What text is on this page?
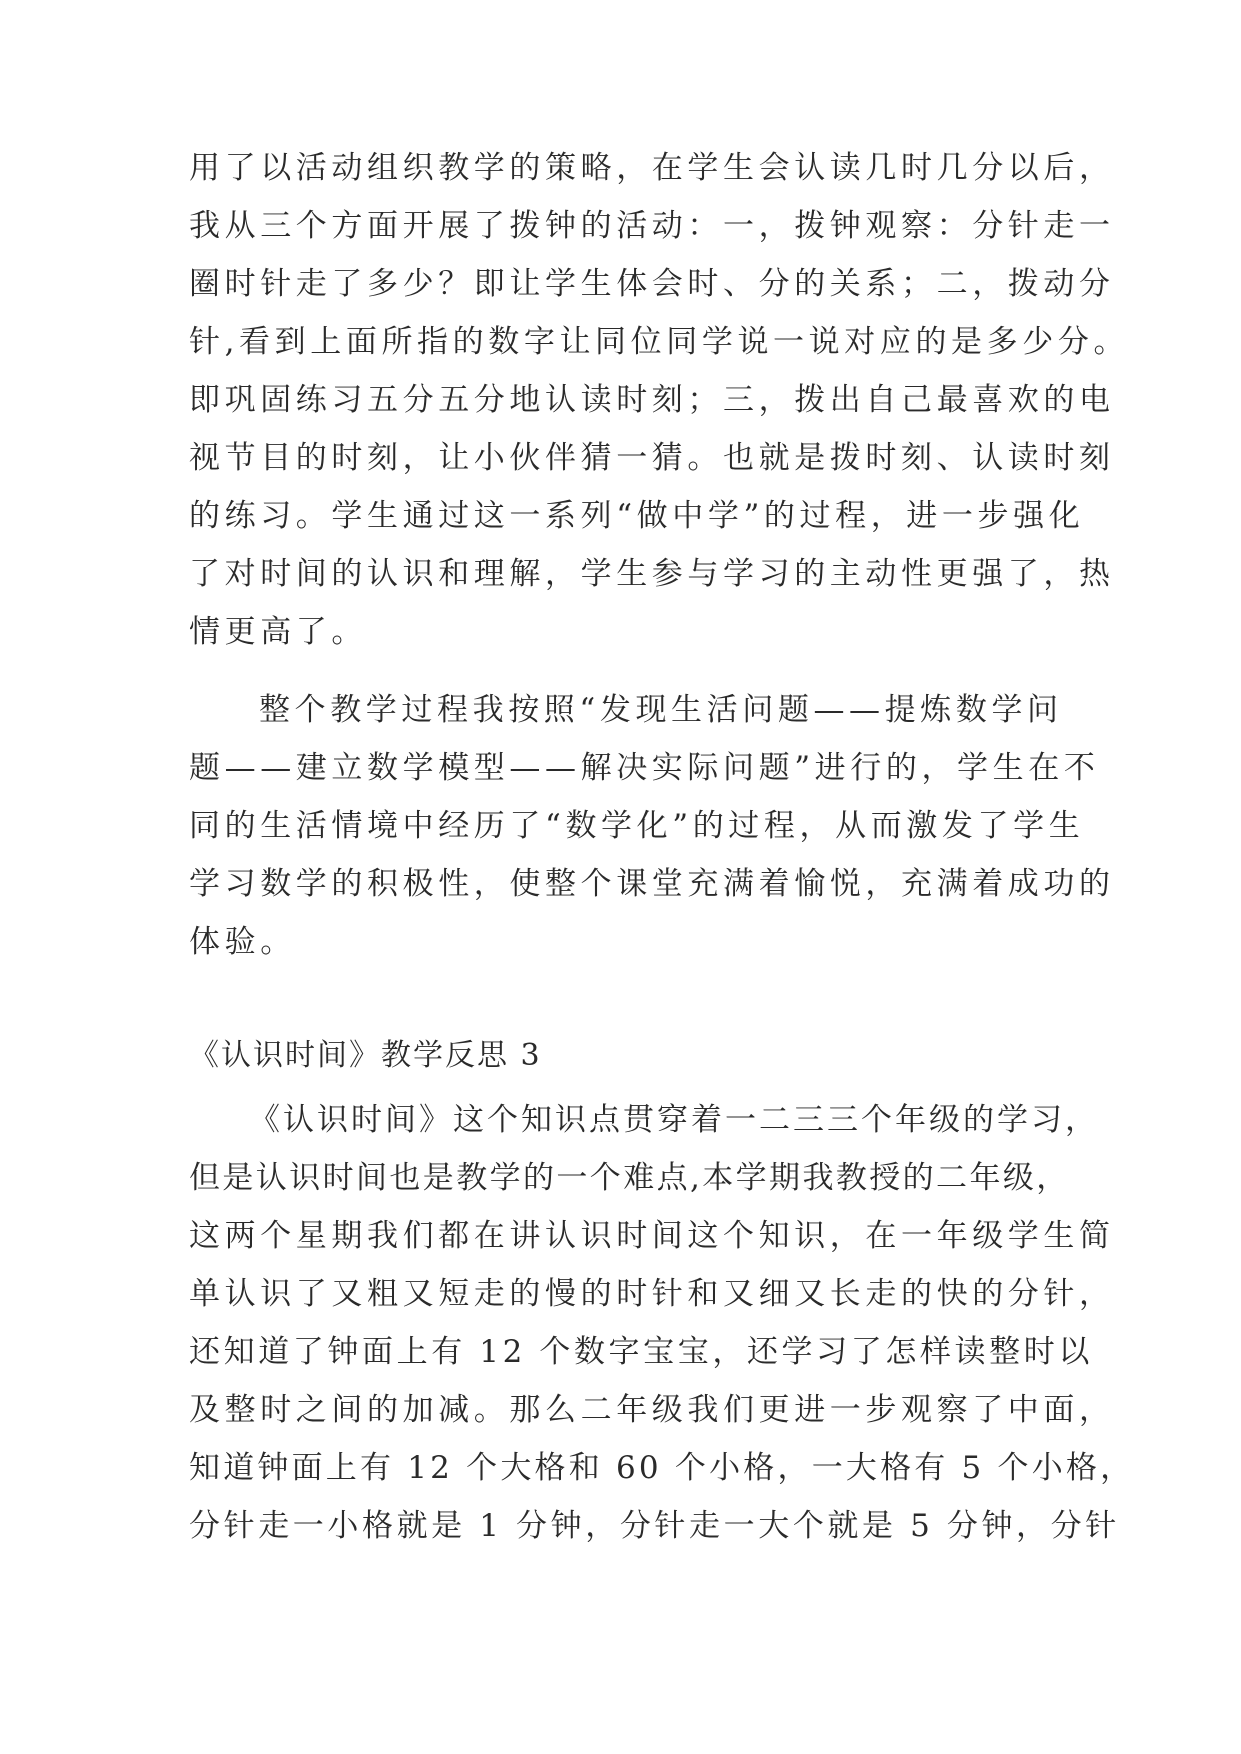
用了以活动组织教学的策略，在学生会认读几时几分以后，
我从三个方面开展了拨钟的活动：一，拨钟观察：分针走一
圈时针走了多少？即让学生体会时、分的关系；二，拨动分
针,看到上面所指的数字让同位同学说一说对应的是多少分。
即巩固练习五分五分地认读时刻；三，拨出自己最喜欢的电
视节目的时刻，让小伙伴猜一猜。也就是拨时刻、认读时刻
的练习。学生通过这一系列“做中学”的过程，进一步强化
了对时间的认识和理解，学生参与学习的主动性更强了，热
情更高了。
整个教学过程我按照“发现生活问题——提炼数学问
题——建立数学模型——解决实际问题”进行的，学生在不
同的生活情境中经历了“数学化”的过程，从而激发了学生
学习数学的积极性，使整个课堂充满着愉悦，充满着成功的
体验。
《认识时间》教学反思 3
《认识时间》这个知识点贯穿着一二三三个年级的学习，
但是认识时间也是教学的一个难点,本学期我教授的二年级，
这两个星期我们都在讲认识时间这个知识，在一年级学生简
单认识了又粗又短走的慢的时针和又细又长走的快的分针，
还知道了钟面上有 12 个数字宝宝，还学习了怎样读整时以
及整时之间的加减。那么二年级我们更进一步观察了中面，
知道钟面上有 12 个大格和 60 个小格，一大格有 5 个小格，
分针走一小格就是 1 分钟，分针走一大个就是 5 分钟，分针
